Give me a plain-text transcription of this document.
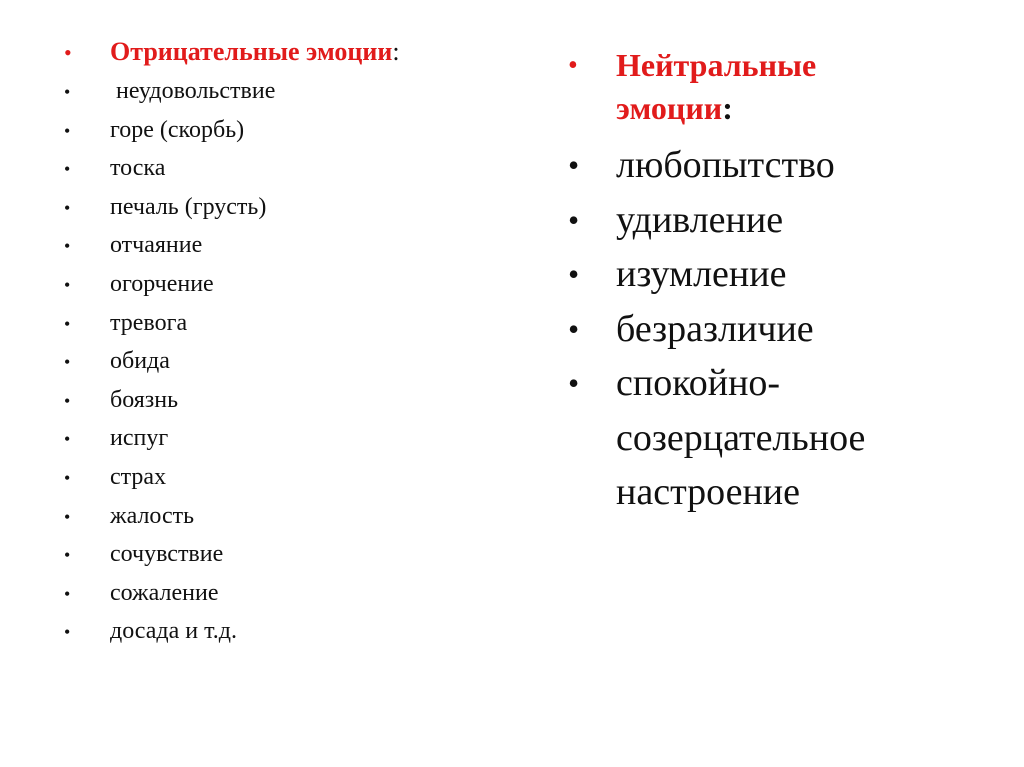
•	Отрицательные эмоции:
•	неудовольствие
•	горе (скорбь)
•	тоска
•	печаль (грусть)
•	отчаяние
•	огорчение
•	тревога
•	обида
•	боязнь
•	испуг
•	страх
•	жалость
•	сочувствие
•	сожаление
•	досада и т.д.
•	Нейтральные эмоции:
• любопытство
• удивление
• изумление
• безразличие
• спокойно-созерцательное настроение
